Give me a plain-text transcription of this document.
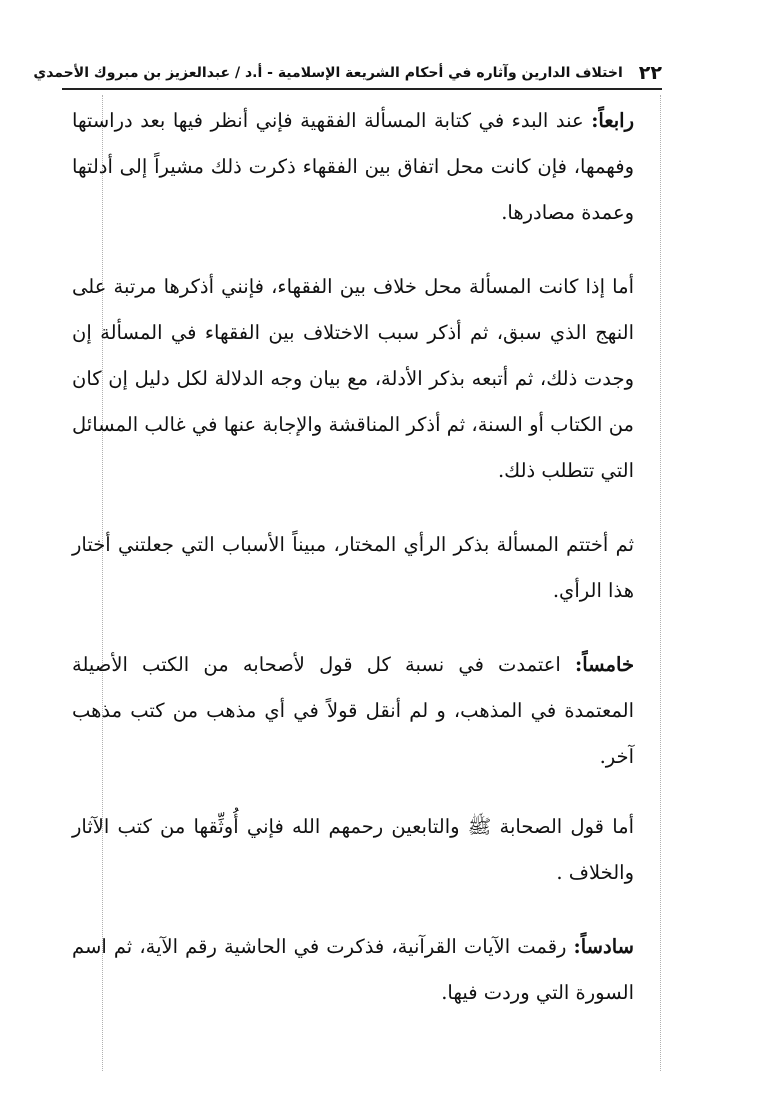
٢٢
اختلاف الدارين وآثاره في أحكام الشريعة الإسلامية - أ.د / عبدالعزيز بن مبروك الأحمدي

رابعاً: عند البدء في كتابة المسألة الفقهية فإني أنظر فيها بعد دراستها وفهمها، فإن كانت محل اتفاق بين الفقهاء ذكرت ذلك مشيراً إلى أدلتها وعمدة مصادرها.

أما إذا كانت المسألة محل خلاف بين الفقهاء، فإنني أذكرها مرتبة على النهج الذي سبق، ثم أذكر سبب الاختلاف بين الفقهاء في المسألة إن وجدت ذلك، ثم أتبعه بذكر الأدلة، مع بيان وجه الدلالة لكل دليل إن كان من الكتاب أو السنة، ثم أذكر المناقشة والإجابة عنها في غالب المسائل التي تتطلب ذلك.

ثم أختتم المسألة بذكر الرأي المختار، مبيناً الأسباب التي جعلتني أختار هذا الرأي.

خامساً: اعتمدت في نسبة كل قول لأصحابه من الكتب الأصيلة المعتمدة في المذهب، و لم أنقل قولاً في أي مذهب من كتب مذهب آخر.

أما قول الصحابة ﷺ والتابعين رحمهم الله فإني أُوثِّقها من كتب الآثار والخلاف .

سادساً: رقمت الآيات القرآنية، فذكرت في الحاشية رقم الآية، ثم اسم السورة التي وردت فيها.
